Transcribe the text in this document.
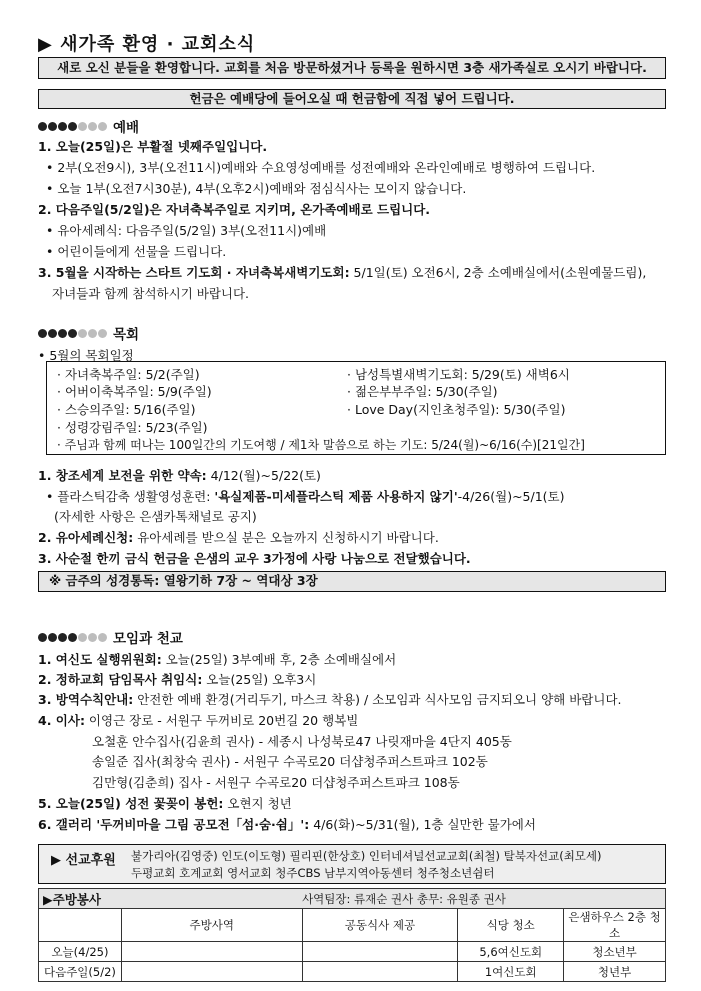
▶ 새가족 환영 · 교회소식
새로 오신 분들을 환영합니다. 교회를 처음 방문하셨거나 등록을 원하시면 3층 새가족실로 오시기 바랍니다.
헌금은 예배당에 들어오실 때 헌금함에 직접 넣어 드립니다.
예배
1. 오늘(25일)은 부활절 넷째주일입니다.
• 2부(오전9시), 3부(오전11시)예배와 수요영성예배를 성전예배와 온라인예배로 병행하여 드립니다.
• 오늘 1부(오전7시30분), 4부(오후2시)예배와 점심식사는 모이지 않습니다.
2. 다음주일(5/2일)은 자녀축복주일로 지키며, 온가족예배로 드립니다.
• 유아세례식: 다음주일(5/2일) 3부(오전11시)예배
• 어린이들에게 선물을 드립니다.
3. 5월을 시작하는 스타트 기도회 · 자녀축복새벽기도회: 5/1일(토) 오전6시, 2층 소예배실에서(소원예물드림),
자녀들과 함께 참석하시기 바랍니다.
목회
• 5월의 목회일정
· 자녀축복주일: 5/2(주일)
· 어버이축복주일: 5/9(주일)
· 스승의주일: 5/16(주일)
· 성령강림주일: 5/23(주일)
· 남성특별새벽기도회: 5/29(토) 새벽6시
· 젊은부부주일: 5/30(주일)
· Love Day(지인초청주일): 5/30(주일)
· 주님과 함께 떠나는 100일간의 기도여행 / 제1차 말씀으로 하는 기도: 5/24(월)~6/16(수)[21일간]
1. 창조세계 보전을 위한 약속: 4/12(월)~5/22(토)
• 플라스틱감축 생활영성훈련: '욕실제품-미세플라스틱 제품 사용하지 않기'-4/26(월)~5/1(토)
(자세한 사항은 은샘카톡채널로 공지)
2. 유아세례신청: 유아세례를 받으실 분은 오늘까지 신청하시기 바랍니다.
3. 사순절 한끼 금식 헌금을 은샘의 교우 3가정에 사랑 나눔으로 전달했습니다.
※ 금주의 성경통독: 열왕기하 7장 ~ 역대상 3장
모임과 천교
1. 여신도 실행위원회: 오늘(25일) 3부예배 후, 2층 소예배실에서
2. 정하교회 담임목사 취임식: 오늘(25일) 오후3시
3. 방역수칙안내: 안전한 예배 환경(거리두기, 마스크 착용) / 소모임과 식사모임 금지되오니 양해 바랍니다.
4. 이사: 이영근 장로 - 서원구 두꺼비로 20번길 20 행복빌
오철훈 안수집사(김윤희 권사) - 세종시 나성북로47 나릿재마을 4단지 405동
송일준 집사(최창숙 권사) - 서원구 수곡로20 더샵청주퍼스트파크 102동
김만형(김춘희) 집사 - 서원구 수곡로20 더샵청주퍼스트파크 108동
5. 오늘(25일) 성전 꽃꽂이 봉헌: 오현지 청년
6. 갤러리 '두꺼비마을 그림 공모전「섬·숨·쉼」': 4/6(화)~5/31(월), 1층 실만한 물가에서
▶ 선교후원 불가리아(김영중) 인도(이도형) 필리핀(한상호) 인터네셔널선교교회(최철) 탈북자선교(최모세)
두평교회 호계교회 영서교회 청주CBS 남부지역아동센터 청주청소년쉼터
▶주방봉사		사역팀장: 류재순 권사 총무: 유원종 권사		
	주방사역	공동식사 제공	식당 청소	은샘하우스 2층 청소
오늘(4/25)			5,6여신도회	청소년부
다음주일(5/2)			1여신도회	청년부
